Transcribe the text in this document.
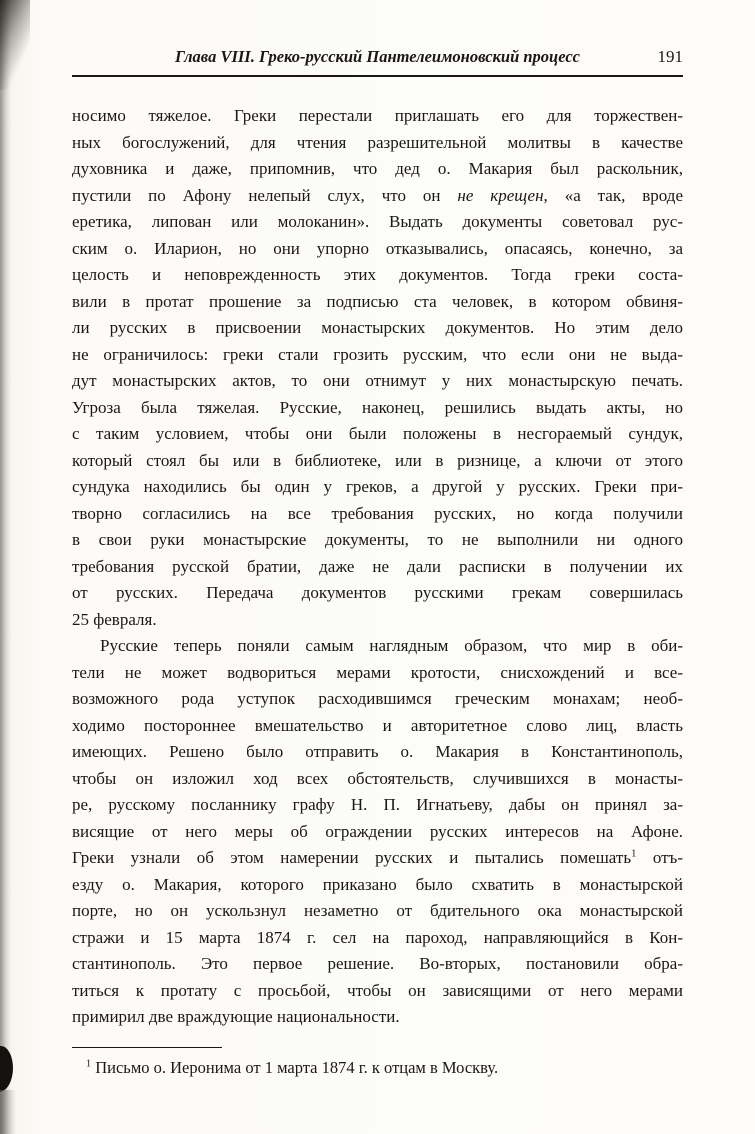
Глава VIII. Греко-русский Пантелеимоновский процесс	191
носимо тяжелое. Греки перестали приглашать его для торжествен-
ных богослужений, для чтения разрешительной молитвы в качестве
духовника и даже, припомнив, что дед о. Макария был раскольник,
пустили по Афону нелепый слух, что он не крещен, «а так, вроде
еретика, липован или молоканин». Выдать документы советовал рус-
ским о. Иларион, но они упорно отказывались, опасаясь, конечно, за
целость и неповрежденность этих документов. Тогда греки соста-
вили в протат прошение за подписью ста человек, в котором обвиня-
ли русских в присвоении монастырских документов. Но этим дело
не ограничилось: греки стали грозить русским, что если они не выда-
дут монастырских актов, то они отнимут у них монастырскую печать.
Угроза была тяжелая. Русские, наконец, решились выдать акты, но
с таким условием, чтобы они были положены в несгораемый сундук,
который стоял бы или в библиотеке, или в ризнице, а ключи от этого
сундука находились бы один у греков, а другой у русских. Греки при-
творно согласились на все требования русских, но когда получили
в свои руки монастырские документы, то не выполнили ни одного
требования русской братии, даже не дали расписки в получении их
от русских. Передача документов русскими грекам совершилась
25 февраля.
Русские теперь поняли самым наглядным образом, что мир в оби-
тели не может водвориться мерами кротости, снисхождений и все-
возможного рода уступок расходившимся греческим монахам; необ-
ходимо постороннее вмешательство и авторитетное слово лиц, власть
имеющих. Решено было отправить о. Макария в Константинополь,
чтобы он изложил ход всех обстоятельств, случившихся в монасты-
ре, русскому посланнику графу Н. П. Игнатьеву, дабы он принял за-
висящие от него меры об ограждении русских интересов на Афоне.
Греки узнали об этом намерении русских и пытались помешать$^1$ отъ-
езду о. Макария, которого приказано было схватить в монастырской
порте, но он ускользнул незаметно от бдительного ока монастырской
стражи и 15 марта 1874 г. сел на пароход, направляющийся в Кон-
стантинополь. Это первое решение. Во-вторых, постановили обра-
титься к протату с просьбой, чтобы он зависящими от него мерами
примирил две враждующие национальности.
$^1$ Письмо о. Иеронима от 1 марта 1874 г. к отцам в Москву.
